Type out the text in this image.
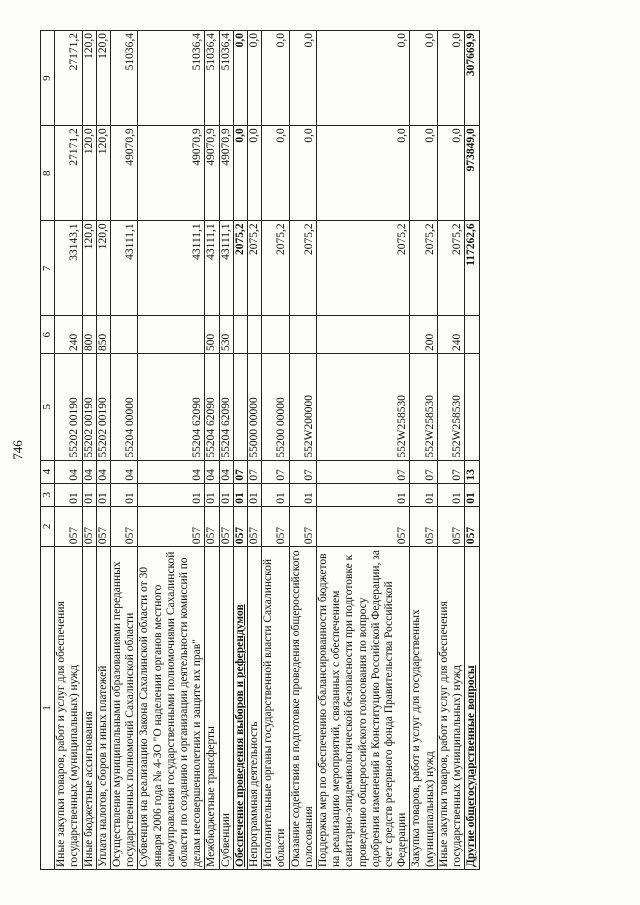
746
1	2	3	4	5	6	7	8	9
Иные закупки товаров, работ и услуг для обеспечения государственных (муниципальных) нужд	057	01	04	55202 00190	240	33143,1	27171,2	27171,2
Иные бюджетные ассигнования	057	01	04	55202 00190	800	120,0	120,0	120,0
Уплата налогов, сборов и иных платежей	057	01	04	55202 00190	850	120,0	120,0	120,0
Осуществление муниципальными образованиями переданных государственных полномочий Сахалинской области	057	01	04	55204 00000		43111,1	49070,9	51036,4
Субвенция на реализацию Закона Сахалинской области от 30 января 2006 года № 4-ЗО "О наделении органов местного самоуправления государственными полномочиями Сахалинской области по созданию и организации деятельности комиссий по делам несовершеннолетних и защите их прав"	057	01	04	55204 62090		43111,1	49070,9	51036,4
Межбюджетные трансферты	057	01	04	55204 62090	500	43111,1	49070,9	51036,4
Субвенции	057	01	04	55204 62090	530	43111,1	49070,9	51036,4
Обеспечение проведения выборов и референдумов	057	01	07			2075,2	0,0	0,0
Непрограммная деятельность	057	01	07	55000 00000		2075,2	0,0	0,0
Исполнительные органы государственной власти Сахалинской области	057	01	07	55200 00000		2075,2	0,0	0,0
Оказание содействия в подготовке проведения общероссийского голосования	057	01	07	552W200000		2075,2	0,0	0,0
Поддержка мер по обеспечению сбалансированности бюджетов на реализацию мероприятий, связанных с обеспечением санитарно-эпидемиологической безопасности при подготовке к проведению общероссийского голосования по вопросу одобрения изменений в Конституцию Российской Федерации, за счет средств резервного фонда Правительства Российской Федерации	057	01	07	552W258530		2075,2	0,0	0,0
Закупка товаров, работ и услуг для государственных (муниципальных) нужд	057	01	07	552W258530	200	2075,2	0,0	0,0
Иные закупки товаров, работ и услуг для обеспечения государственных (муниципальных) нужд	057	01	07	552W258530	240	2075,2	0,0	0,0
Другие общегосударственные вопросы	057	01	13			117262,6	973849,0	307669,9
